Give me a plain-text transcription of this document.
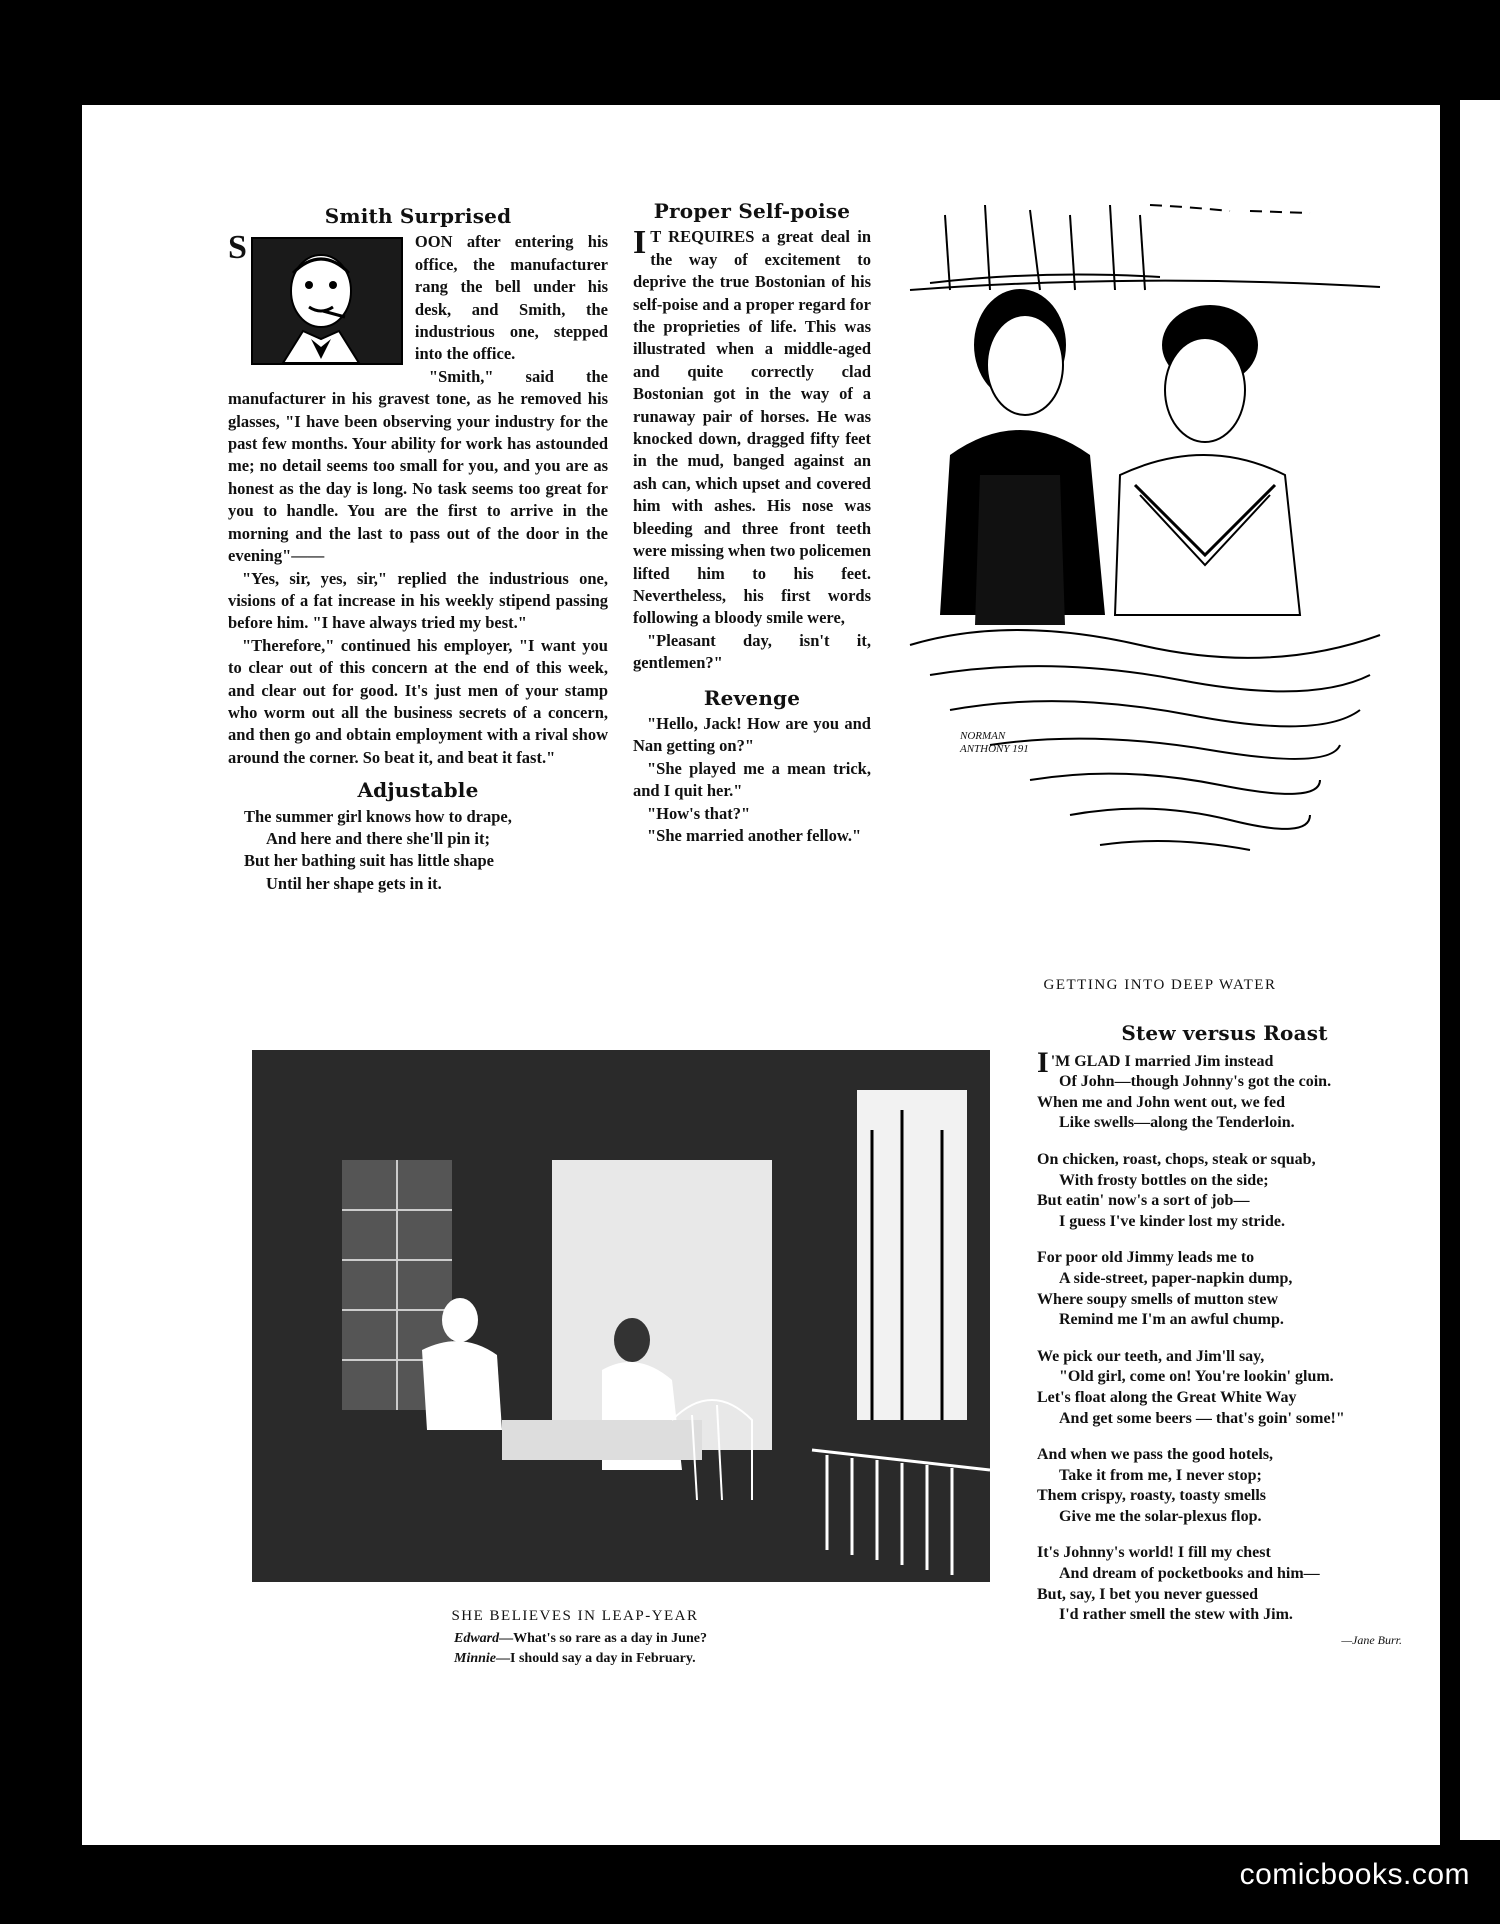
Smith Surprised

S	OON after entering his office, the manufacturer rang the bell under his desk, and Smith, the industrious one, stepped into the office.

"Smith," said the manufacturer in his gravest tone, as he removed his glasses, "I have been observing your industry for the past few months. Your ability for work has astounded me; no detail seems too small for you, and you are as honest as the day is long. No task seems too great for you to handle. You are the first to arrive in the morning and the last to pass out of the door in the evening"——

"Yes, sir, yes, sir," replied the industrious one, visions of a fat increase in his weekly stipend passing before him. "I have always tried my best."

"Therefore," continued his employer, "I want you to clear out of this concern at the end of this week, and clear out for good. It's just men of your stamp who worm out all the business secrets of a concern, and then go and obtain employment with a rival show around the corner. So beat it, and beat it fast."

Adjustable
The summer girl knows how to drape,
And here and there she'll pin it;
But her bathing suit has little shape
Until her shape gets in it.
Proper Self-poise

I T REQUIRES a great deal in the way of excitement to deprive the true Bostonian of his self-poise and a proper regard for the proprieties of life. This was illustrated when a middle-aged and quite correctly clad Bostonian got in the way of a runaway pair of horses. He was knocked down, dragged fifty feet in the mud, banged against an ash can, which upset and covered him with ashes. His nose was bleeding and three front teeth were missing when two policemen lifted him to his feet. Nevertheless, his first words following a bloody smile were,

"Pleasant day, isn't it, gentlemen?"

Revenge

"Hello, Jack! How are you and Nan getting on?"

"She played me a mean trick, and I quit her."

"How's that?"

"She married another fellow."

NORMAN ANTHONY 191
GETTING INTO DEEP WATER
SHE BELIEVES IN LEAP-YEAR
Edward—What's so rare as a day in June?
Minnie—I should say a day in February.
Stew versus Roast
I 'M GLAD I married Jim instead
Of John—though Johnny's got the coin.
When me and John went out, we fed
Like swells—along the Tenderloin.
On chicken, roast, chops, steak or squab,
With frosty bottles on the side;
But eatin' now's a sort of job—
I guess I've kinder lost my stride.
For poor old Jimmy leads me to
A side-street, paper-napkin dump,
Where soupy smells of mutton stew
Remind me I'm an awful chump.
We pick our teeth, and Jim'll say,
"Old girl, come on! You're lookin' glum.
Let's float along the Great White Way
And get some beers — that's goin' some!"
And when we pass the good hotels,
Take it from me, I never stop;
Them crispy, roasty, toasty smells
Give me the solar-plexus flop.
It's Johnny's world! I fill my chest
And dream of pocketbooks and him—
But, say, I bet you never guessed
I'd rather smell the stew with Jim.
—Jane Burr.
comicbooks.com
